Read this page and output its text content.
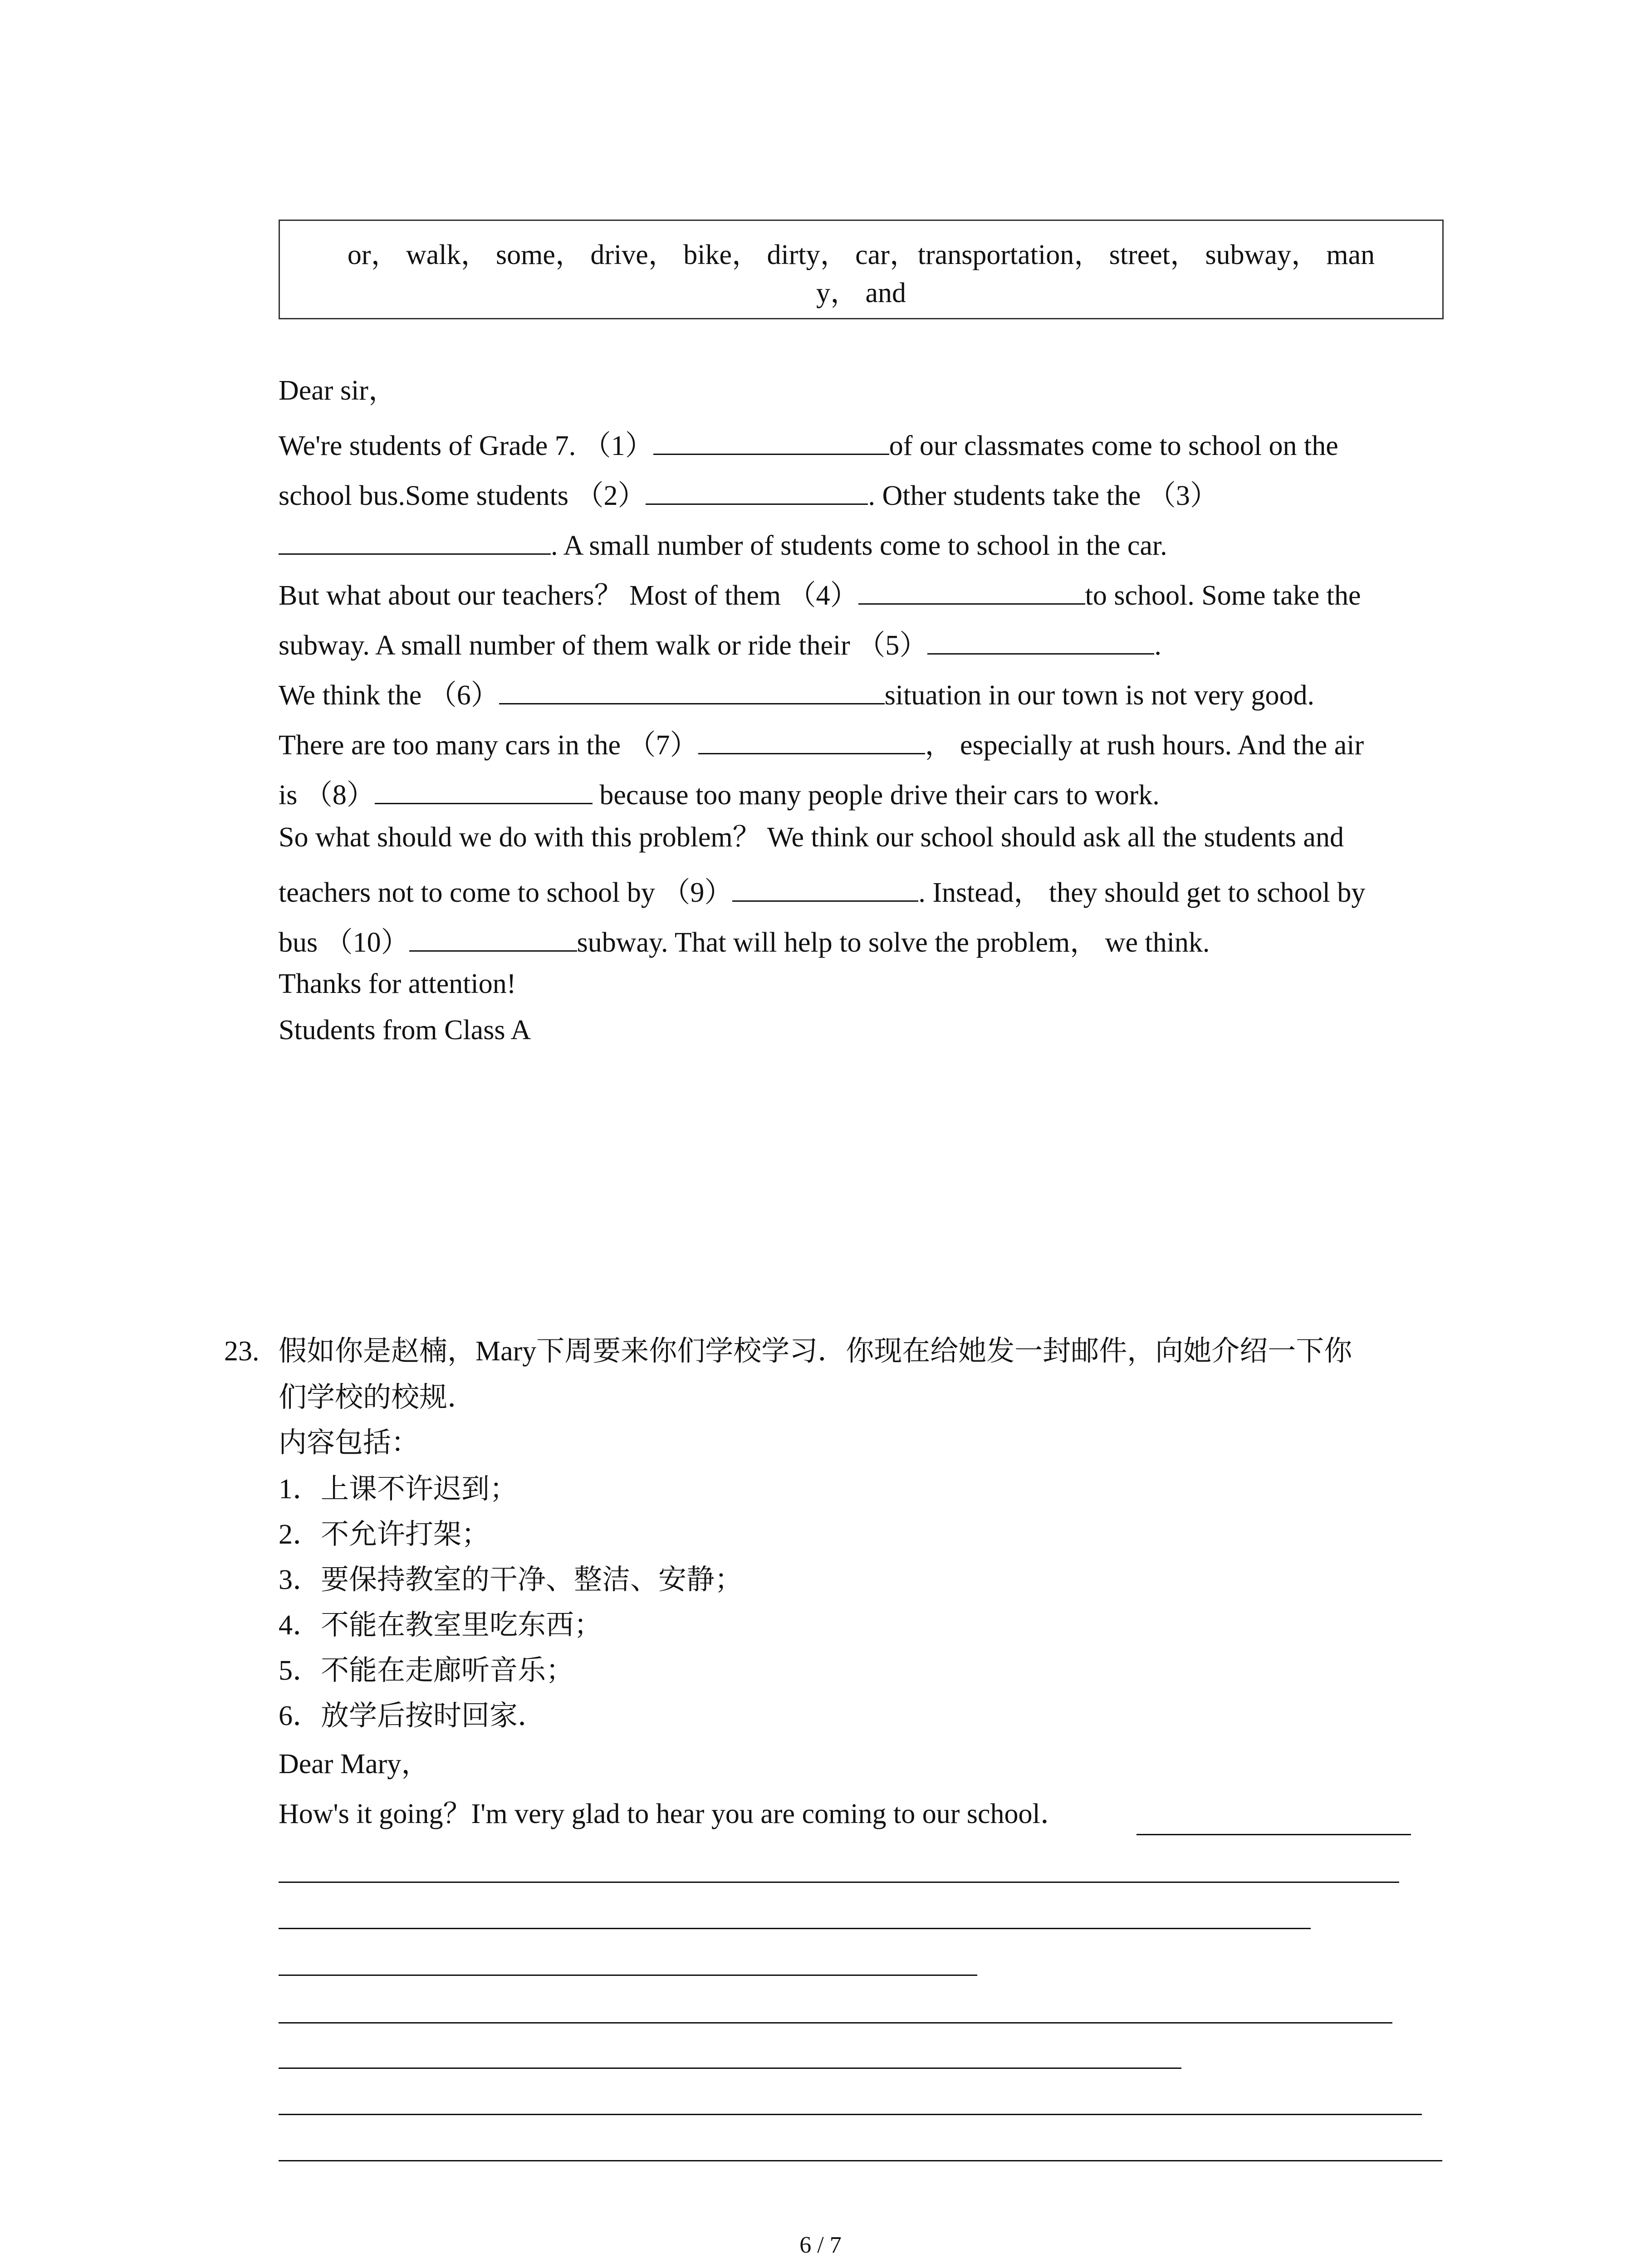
or， walk， some， drive， bike， dirty， car，transportation， street， subway， man
y， and
Dear sir，
We're students of Grade 7. （1）	of our classmates come to school on the
school bus.Some students （2）	. Other students take the （3）
. A small number of students come to school in the car.
But what about our teachers？ Most of them （4）	to school. Some take the
subway. A small number of them walk or ride their （5）	.
We think the （6）	situation in our town is not very good.
There are too many cars in the （7）	， especially at rush hours. And the air
is （8）	because too many people drive their cars to work.
So what should we do with this problem？ We think our school should ask all the students and
teachers not to come to school by （9）	. Instead， they should get to school by
bus （10）	subway. That will help to solve the problem， we think.
Thanks for attention!
Students from Class A
23. 假如你是赵楠，Mary下周要来你们学校学习．你现在给她发一封邮件，向她介绍一下你
们学校的校规．
内容包括：
1．上课不许迟到；
2．不允许打架；
3．要保持教室的干净、整洁、安静；
4．不能在教室里吃东西；
5．不能在走廊听音乐；
6．放学后按时回家．
Dear Mary，
How's it going？I'm very glad to hear you are coming to our school．
6 / 7
